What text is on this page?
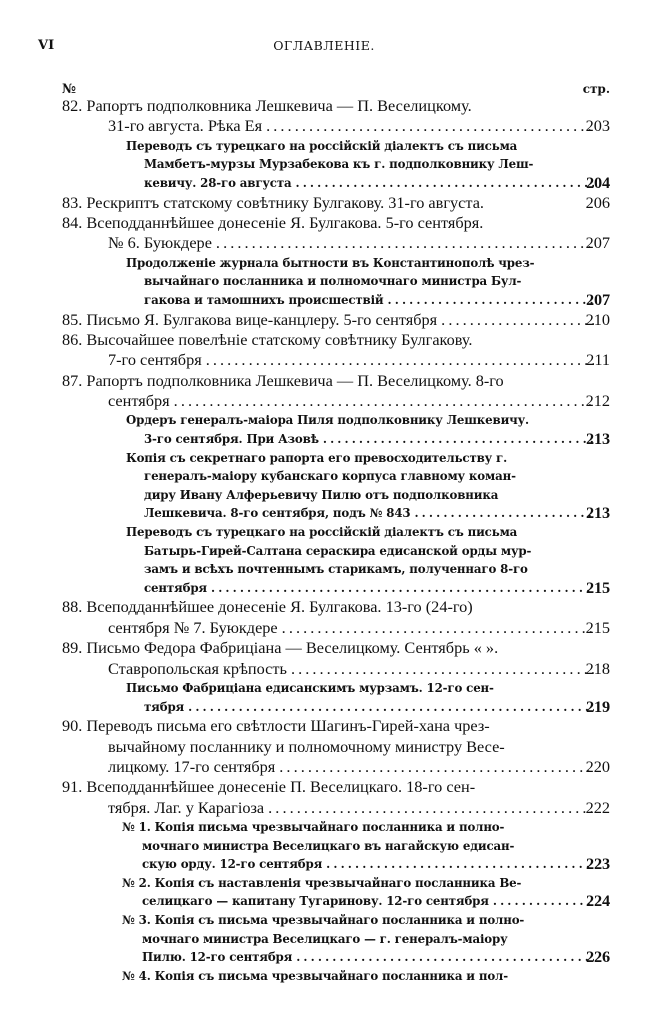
VI	ОГЛАВЛЕНІЕ.
№	стр.
82. Рапортъ подполковника Лешкевича — П. Веселицкому.
31-го августа. Рѣка Ея . . .	203
Переводъ съ турецкаго на россійскій діалектъ съ письма
Мамбетъ-мурзы Мурзабекова къ г. подполковнику Леш-
кевичу. 28-го августа . . .	204
83. Рескриптъ статскому совѣтнику Булгакову. 31-го августа.	206
84. Всеподданнѣйшее донесеніе Я. Булгакова. 5-го сентября.
№ 6. Буюкдере . . .	207
Продолженіе журнала бытности въ Константинополѣ чрез-
вычайнаго посланника и полномочнаго министра Бул-
гакова и тамошнихъ происшествій . . .	207
85. Письмо Я. Булгакова вице-канцлеру. 5-го сентября . . .	210
86. Высочайшее повелѣніе статскому совѣтнику Булгакову.
7-го сентября . . .	211
87. Рапортъ подполковника Лешкевича — П. Веселицкому. 8-го
сентября . . .	212
Ордеръ генералъ-маіора Пиля подполковнику Лешкевичу.
3-го сентября. При Азовѣ . . .	213
Копія съ секретнаго рапорта его превосходительству г.
генералъ-маіору кубанскаго корпуса главному коман-
диру Ивану Алферьевичу Пилю отъ подполковника
Лешкевича. 8-го сентября, подъ № 843 . . .	213
Переводъ съ турецкаго на россійскій діалектъ съ письма
Батырь-Гирей-Салтана сераскира едисанской орды мур-
замъ и всѣхъ почтеннымъ старикамъ, полученнаго 8-го
сентября . . .	215
88. Всеподданнѣйшее донесеніе Я. Булгакова. 13-го (24-го)
сентября № 7. Буюкдере . . .	215
89. Письмо Федора Фабриціана — Веселицкому. Сентябрь « ».
Ставропольская крѣпость . . .	218
Письмо Фабриціана едисанскимъ мурзамъ. 12-го сен-
тября . . .	219
90. Переводъ письма его свѣтлости Шагинъ-Гирей-хана чрез-
вычайному посланнику и полномочному министру Весе-
лицкому. 17-го сентября . . .	220
91. Всеподданнѣйшее донесеніе П. Веселицкаго. 18-го сен-
тября. Лаг. у Карагіоза . . .	222
№ 1. Копія письма чрезвычайнаго посланника и полно-
мочнаго министра Веселицкаго въ нагайскую едисан-
скую орду. 12-го сентября . . .	223
№ 2. Копія съ наставленія чрезвычайнаго посланника Ве-
селицкаго — капитану Тугаринову. 12-го сентября . . .	224
№ 3. Копія съ письма чрезвычайнаго посланника и полно-
мочнаго министра Веселицкаго — г. генералъ-маіору
Пилю. 12-го сентября . . .	226
№ 4. Копія съ письма чрезвычайнаго посланника и пол-
